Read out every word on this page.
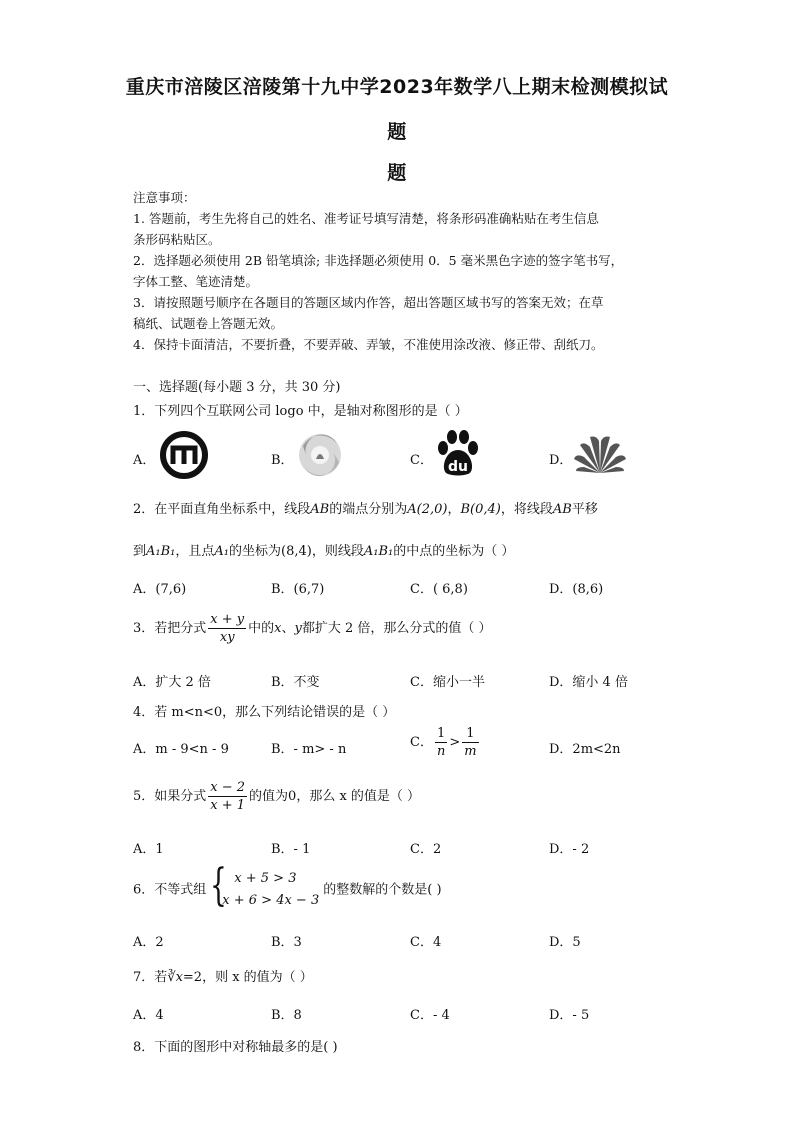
重庆市涪陵区涪陵第十九中学2023年数学八上期末检测模拟试
题
题
注意事项：
1. 答题前，考生先将自己的姓名、准考证号填写清楚，将条形码准确粘贴在考生信息
条形码粘贴区。
2．选择题必须使用 2B 铅笔填涂; 非选择题必须使用 0．5 毫米黑色字迹的签字笔书写，
字体工整、笔迹清楚。
3．请按照题号顺序在各题目的答题区域内作答，超出答题区域书写的答案无效；在草
稿纸、试题卷上答题无效。
4．保持卡面清洁，不要折叠，不要弄破、弄皱，不准使用涂改液、修正带、刮纸刀。
一、选择题(每小题 3 分，共 30 分)
1．下列四个互联网公司 logo 中，是轴对称图形的是（ ）
A．	B．	C． du	D．
2．在平面直角坐标系中，线段AB的端点分别为A(2,0)，B(0,4)，将线段AB平移
到A₁B₁，且点A₁的坐标为(8,4)，则线段A₁B₁的中点的坐标为（ ）
A．(7,6)	B．(6,7)	C．( 6,8)	D．(8,6)
3．若把分式 $\frac{x + y}{xy}$ 中的x、y都扩大 2 倍，那么分式的值（ ）
A．扩大 2 倍	B．不变	C．缩小一半	D．缩小 4 倍
4．若 m<n<0，那么下列结论错误的是（ ）
A．m - 9<n - 9	B．- m> - n	C． $\frac{1}{n} > \frac{1}{m}$	D．2m<2n
5．如果分式 $\frac{x - 2}{x + 1}$ 的值为0，那么 x 的值是（ ）
A．1	B．- 1	C．2	D．- 2
6．不等式组 { x + 5 > 3
x + 6 > 4x − 3
的整数解的个数是( )
A．2	B．3	C．4	D．5
7．若∛x=2，则 x 的值为（ ）
A．4	B．8	C．- 4	D．- 5
8．下面的图形中对称轴最多的是( )
